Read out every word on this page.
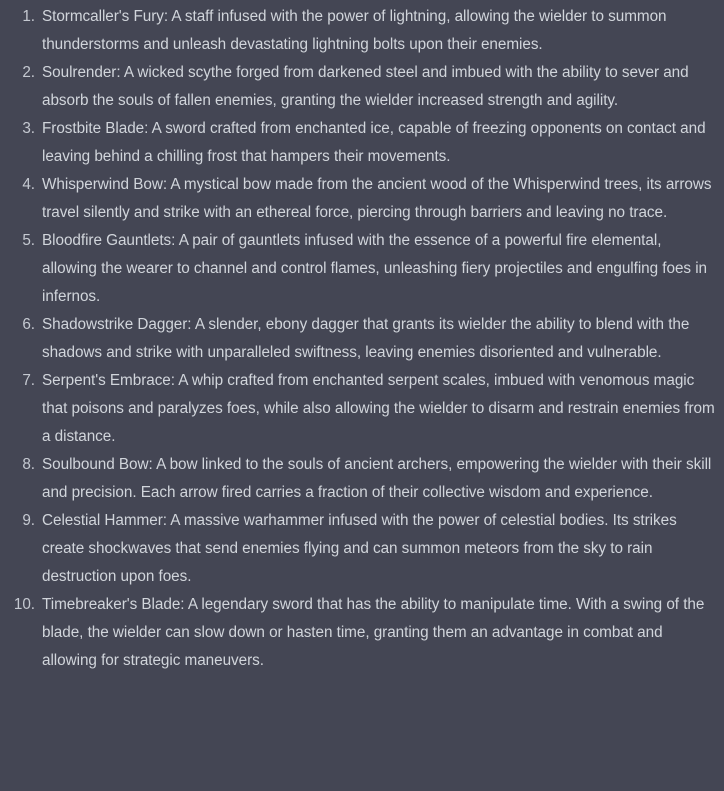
1. Stormcaller's Fury: A staff infused with the power of lightning, allowing the wielder to summon thunderstorms and unleash devastating lightning bolts upon their enemies.
2. Soulrender: A wicked scythe forged from darkened steel and imbued with the ability to sever and absorb the souls of fallen enemies, granting the wielder increased strength and agility.
3. Frostbite Blade: A sword crafted from enchanted ice, capable of freezing opponents on contact and leaving behind a chilling frost that hampers their movements.
4. Whisperwind Bow: A mystical bow made from the ancient wood of the Whisperwind trees, its arrows travel silently and strike with an ethereal force, piercing through barriers and leaving no trace.
5. Bloodfire Gauntlets: A pair of gauntlets infused with the essence of a powerful fire elemental, allowing the wearer to channel and control flames, unleashing fiery projectiles and engulfing foes in infernos.
6. Shadowstrike Dagger: A slender, ebony dagger that grants its wielder the ability to blend with the shadows and strike with unparalleled swiftness, leaving enemies disoriented and vulnerable.
7. Serpent's Embrace: A whip crafted from enchanted serpent scales, imbued with venomous magic that poisons and paralyzes foes, while also allowing the wielder to disarm and restrain enemies from a distance.
8. Soulbound Bow: A bow linked to the souls of ancient archers, empowering the wielder with their skill and precision. Each arrow fired carries a fraction of their collective wisdom and experience.
9. Celestial Hammer: A massive warhammer infused with the power of celestial bodies. Its strikes create shockwaves that send enemies flying and can summon meteors from the sky to rain destruction upon foes.
10. Timebreaker's Blade: A legendary sword that has the ability to manipulate time. With a swing of the blade, the wielder can slow down or hasten time, granting them an advantage in combat and allowing for strategic maneuvers.
